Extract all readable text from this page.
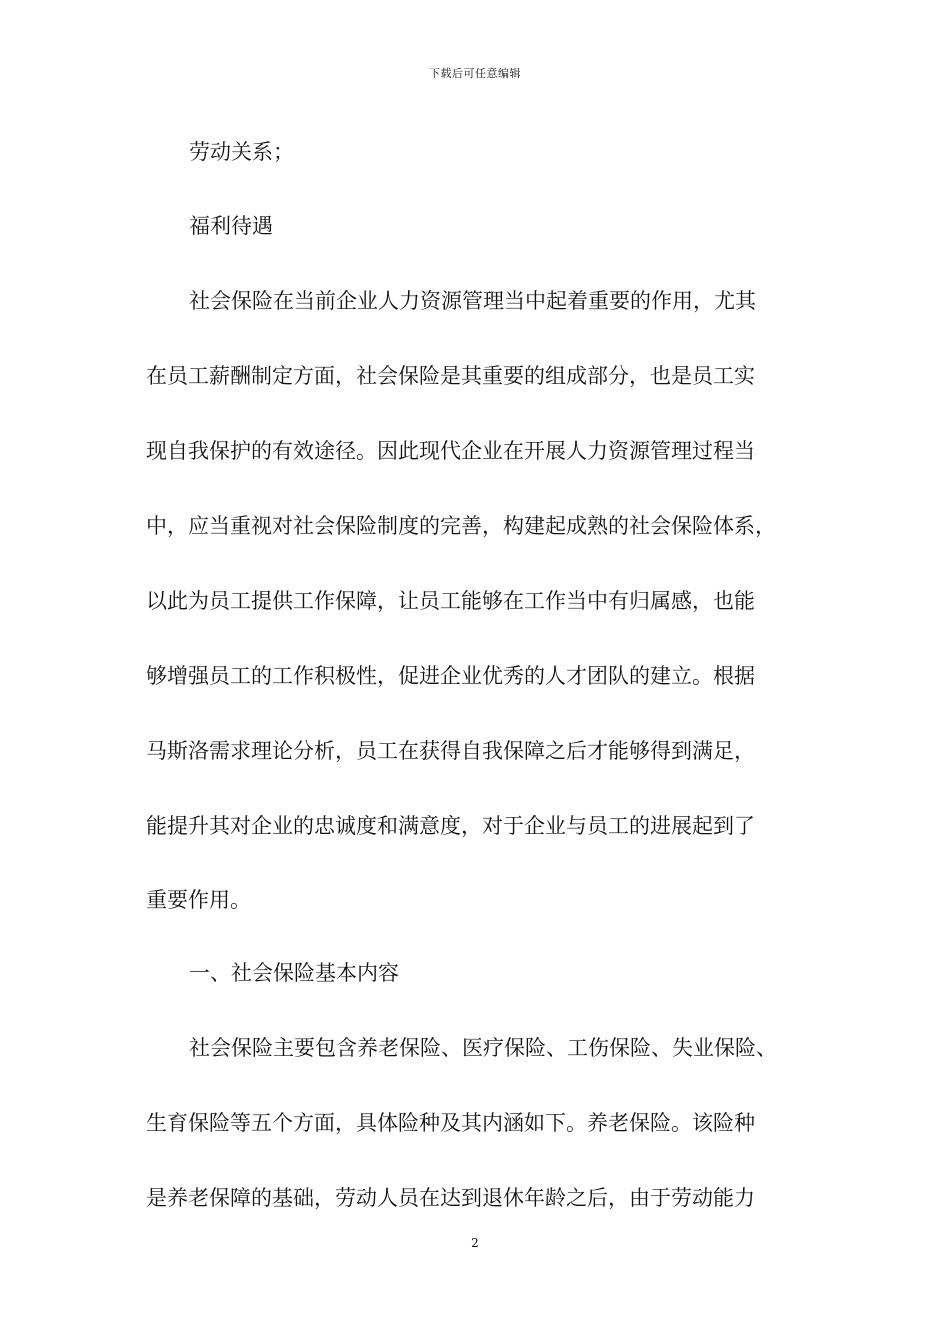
下载后可任意编辑
劳动关系；
福利待遇
社会保险在当前企业人力资源管理当中起着重要的作用，尤其
在员工薪酬制定方面，社会保险是其重要的组成部分，也是员工实
现自我保护的有效途径。因此现代企业在开展人力资源管理过程当
中，应当重视对社会保险制度的完善，构建起成熟的社会保险体系，
以此为员工提供工作保障，让员工能够在工作当中有归属感，也能
够增强员工的工作积极性，促进企业优秀的人才团队的建立。根据
马斯洛需求理论分析，员工在获得自我保障之后才能够得到满足，
能提升其对企业的忠诚度和满意度，对于企业与员工的进展起到了
重要作用。
一、社会保险基本内容
社会保险主要包含养老保险、医疗保险、工伤保险、失业保险、
生育保险等五个方面，具体险种及其内涵如下。养老保险。该险种
是养老保障的基础，劳动人员在达到退休年龄之后，由于劳动能力
2
